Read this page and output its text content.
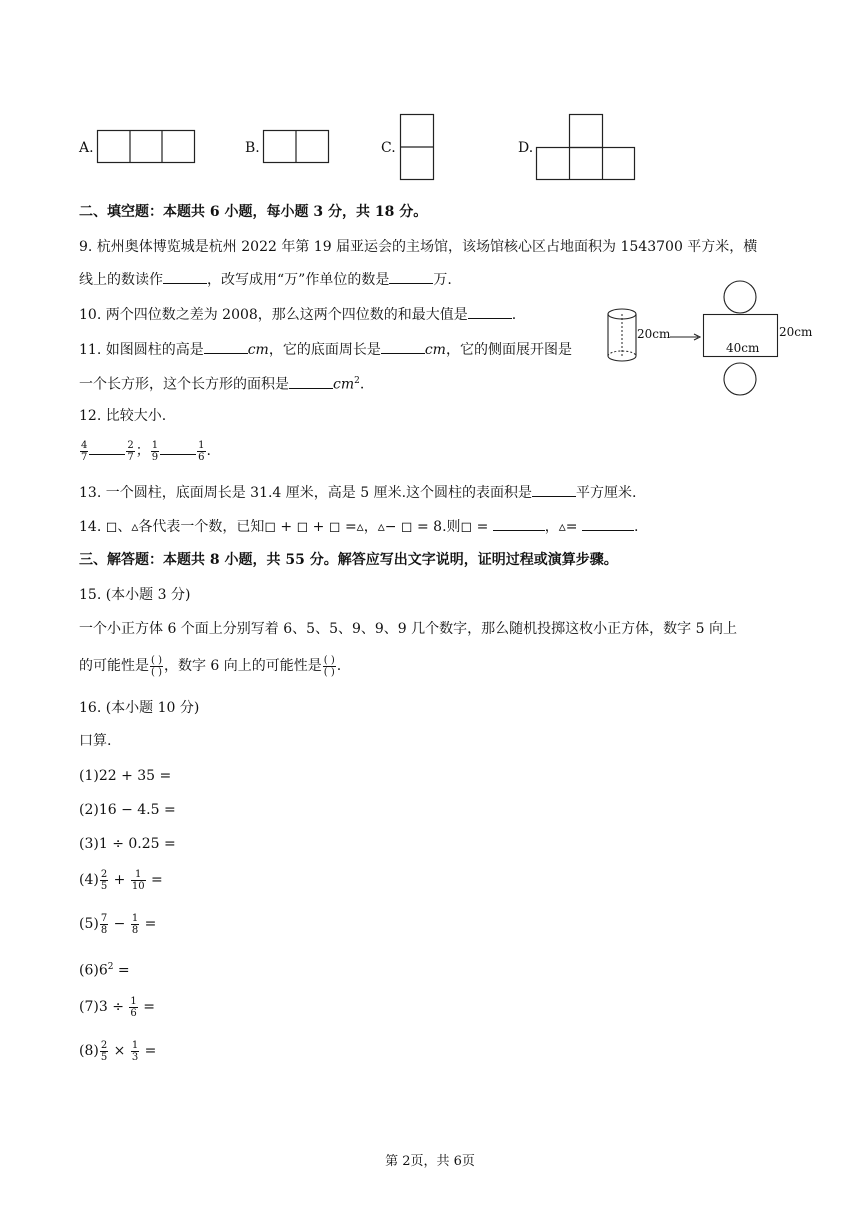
A.	B.	C.	D.
二、填空题：本题共 6 小题，每小题 3 分，共 18 分。
9. 杭州奥体博览城是杭州 2022 年第 19 届亚运会的主场馆，该场馆核心区占地面积为 1543700 平方米，横
线上的数读作	，改写成用“万”作单位的数是	万.
10. 两个四位数之差为 2008，那么这两个四位数的和最大值是	.
11. 如图圆柱的高是	cm，它的底面周长是	cm，它的侧面展开图是
一个长方形，这个长方形的面积是	$cm^2$.
20cm
40cm
20cm
12. 比较大小.
$\frac{4}{7}$	$\frac{2}{7}$ ； $\frac{1}{9}$	$\frac{1}{6}$ .
13. 一个圆柱，底面周长是 31.4 厘米，高是 5 厘米.这个圆柱的表面积是	平方厘米.
14. ◻、▵各代表一个数，已知◻ + ◻ + ◻ =▵，▵− ◻ = 8.则◻ =	，▵=	.
三、解答题：本题共 8 小题，共 55 分。解答应写出文字说明，证明过程或演算步骤。
15. (本小题 3 分)
一个小正方体 6 个面上分别写着 6、5、5、9、9、9 几个数字，那么随机投掷这枚小正方体，数字 5 向上
的可能性是 $\frac{( )}{( )}$ ，数字 6 向上的可能性是 $\frac{( )}{( )}$ .
16. (本小题 10 分)
口算.
(1)22 + 35 =
(2)16 − 4.5 =
(3)1 ÷ 0.25 =
$(4) \frac{2}{5} + \frac{1}{10}$ =
$(5) \frac{7}{8} - \frac{1}{8}$ =
$(6)6^2$ =
$(7)3 \div \frac{1}{6}$ =
$(8) \frac{2}{5} \times \frac{1}{3}$ =
第 2页，共 6页
